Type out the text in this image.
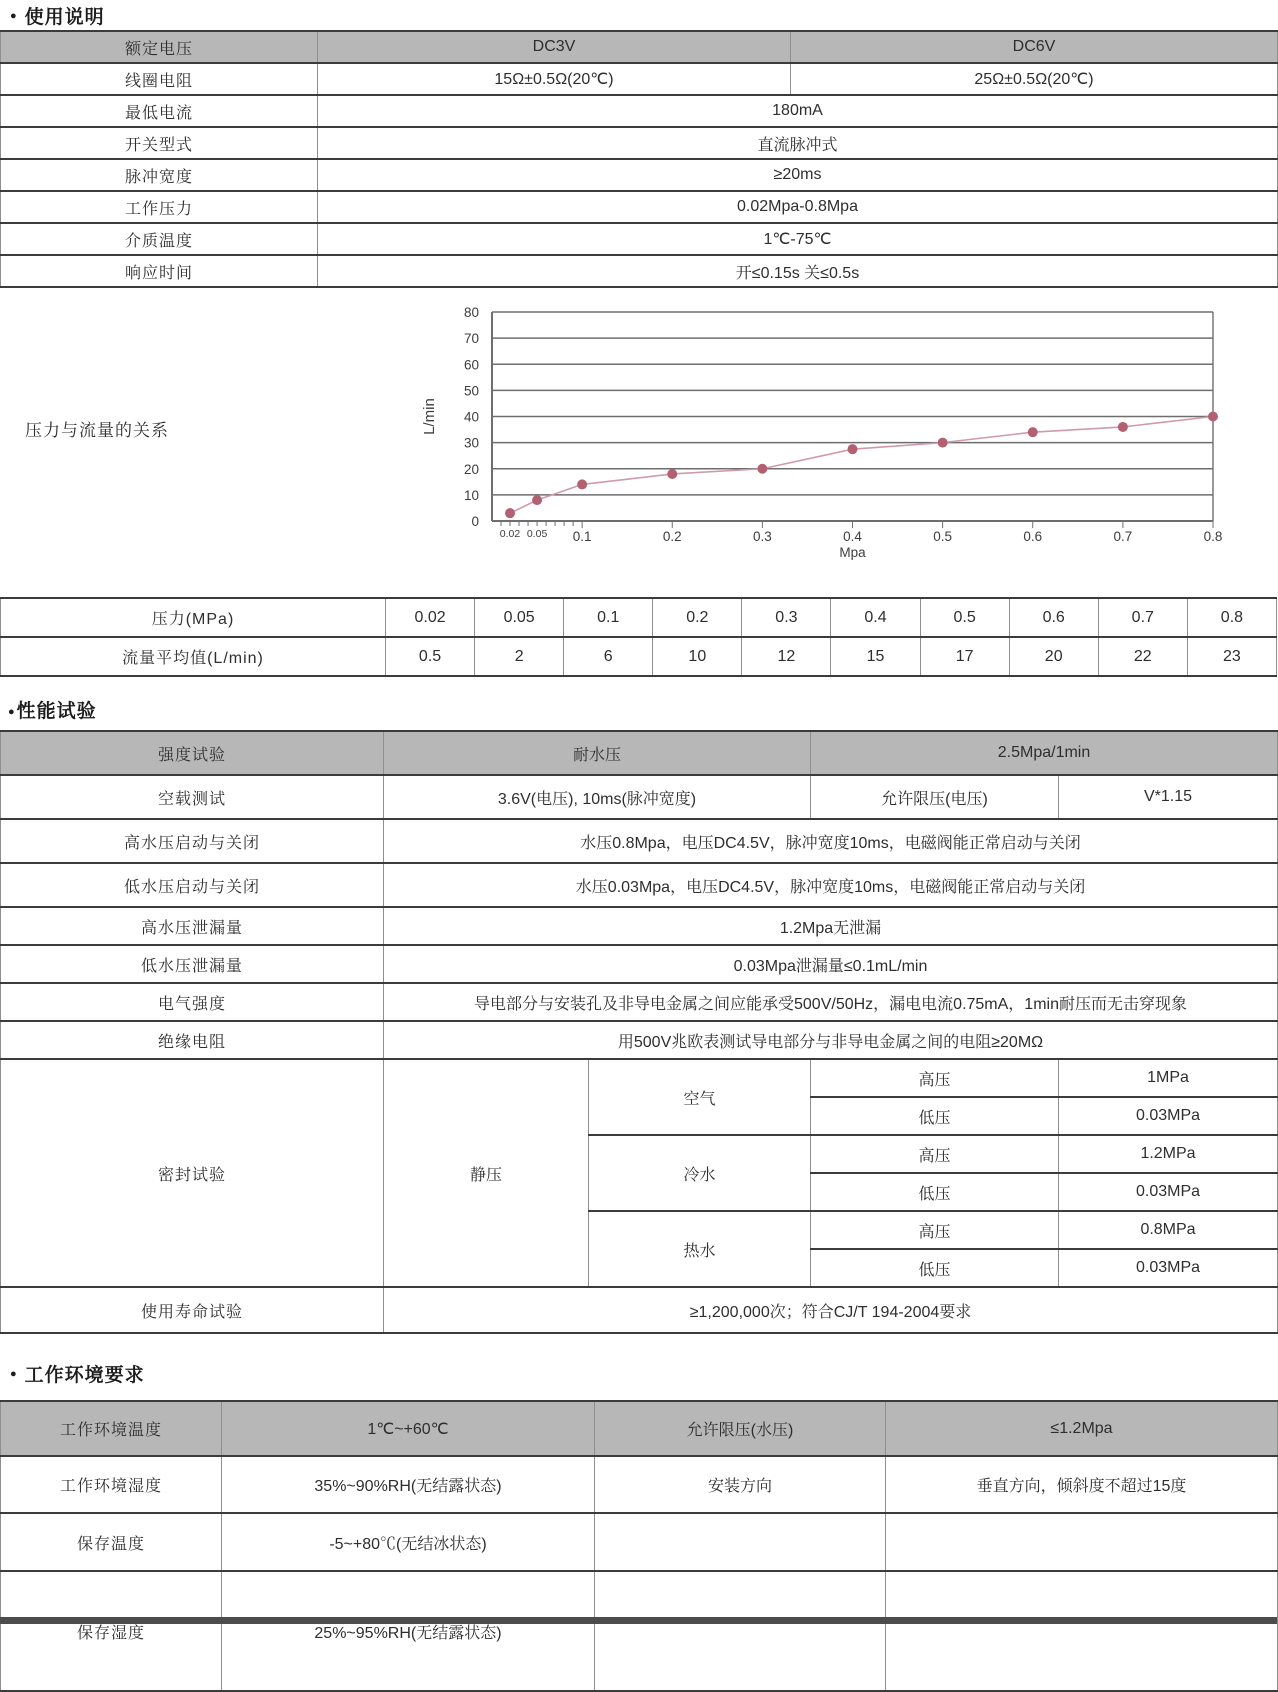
● 使用说明
额定电压	DC3V	DC6V
线圈电阻	15Ω±0.5Ω(20℃)	25Ω±0.5Ω(20℃)
最低电流	180mA	
开关型式	直流脉冲式	
脉冲宽度	≥20ms	
工作压力	0.02Mpa-0.8Mpa	
介质温度	1℃-75℃	
响应时间	开≤0.15s 关≤0.5s	
压力与流量的关系
0
10
20
30
40
50
60
70
80
0.02 0.05 0.1	0.2	0.3	0.4	0.5	0.6	0.7	0.8
Mpa
L/min
压力(MPa)	0.02	0.05	0.1	0.2	0.3	0.4	0.5	0.6	0.7	0.8
流量平均值(L/min)	0.5	2	6	10	12	15	17	20	22	23
●性能试验
强度试验	耐水压		2.5Mpa/1min	
空载测试	3.6V(电压), 10ms(脉冲宽度)		允许限压(电压)	V*1.15
高水压启动与关闭	水压0.8Mpa，电压DC4.5V，脉冲宽度10ms，电磁阀能正常启动与关闭			
低水压启动与关闭	水压0.03Mpa，电压DC4.5V，脉冲宽度10ms，电磁阀能正常启动与关闭			
高水压泄漏量	1.2Mpa无泄漏			
低水压泄漏量	0.03Mpa泄漏量≤0.1mL/min			
电气强度	导电部分与安装孔及非导电金属之间应能承受500V/50Hz，漏电电流0.75mA，1min耐压而无击穿现象			
绝缘电阻	用500V兆欧表测试导电部分与非导电金属之间的电阻≥20MΩ			
密封试验	静压	空气	高压	1MPa
			低压	0.03MPa
		冷水	高压	1.2MPa
			低压	0.03MPa
		热水	高压	0.8MPa
			低压	0.03MPa
使用寿命试验	≥1,200,000次；符合CJ/T 194-2004要求			
● 工作环境要求
工作环境温度	1℃~+60℃	允许限压(水压)	≤1.2Mpa
工作环境湿度	35%~90%RH(无结露状态)	安装方向	垂直方向，倾斜度不超过15度
保存温度	-5~+80℃(无结冰状态)		
保存湿度	25%~95%RH(无结露状态)		
